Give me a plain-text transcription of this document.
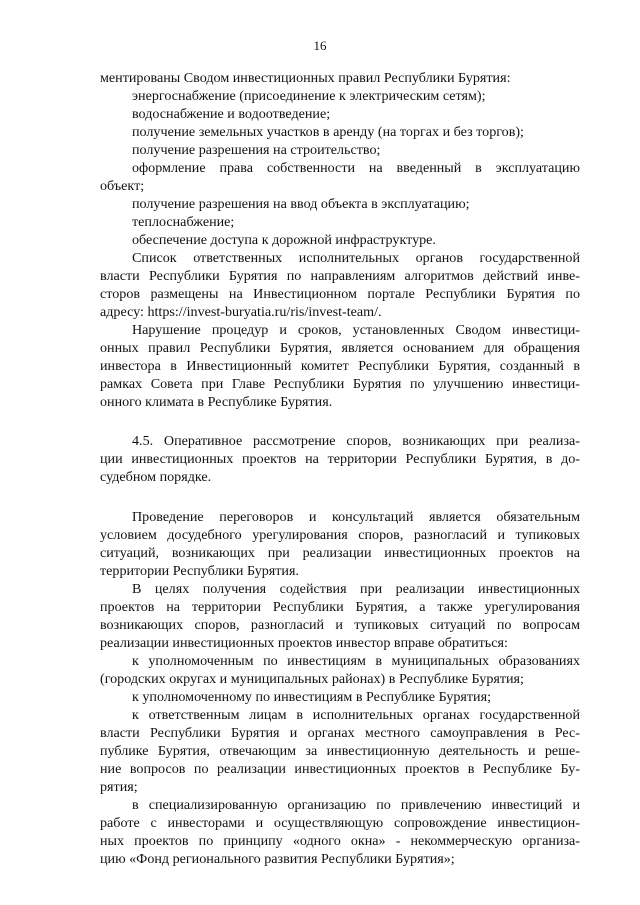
16
ментированы Сводом инвестиционных правил Республики Бурятия:
энергоснабжение (присоединение к электрическим сетям);
водоснабжение и водоотведение;
получение земельных участков в аренду (на торгах и без торгов);
получение разрешения на строительство;
оформление права собственности на введенный в эксплуатацию
объект;
получение разрешения на ввод объекта в эксплуатацию;
теплоснабжение;
обеспечение доступа к дорожной инфраструктуре.
Список ответственных исполнительных органов государственной
власти Республики Бурятия по направлениям алгоритмов действий инве-
сторов размещены на Инвестиционном портале Республики Бурятия по
адресу: https://invest-buryatia.ru/ris/invest-team/.
Нарушение процедур и сроков, установленных Сводом инвестици-
онных правил Республики Бурятия, является основанием для обращения
инвестора в Инвестиционный комитет Республики Бурятия, созданный в
рамках Совета при Главе Республики Бурятия по улучшению инвестици-
онного климата в Республике Бурятия.
4.5. Оперативное рассмотрение споров, возникающих при реализа-
ции инвестиционных проектов на территории Республики Бурятия, в до-
судебном порядке.
Проведение переговоров и консультаций является обязательным
условием досудебного урегулирования споров, разногласий и тупиковых
ситуаций, возникающих при реализации инвестиционных проектов на
территории Республики Бурятия.
В целях получения содействия при реализации инвестиционных
проектов на территории Республики Бурятия, а также урегулирования
возникающих споров, разногласий и тупиковых ситуаций по вопросам
реализации инвестиционных проектов инвестор вправе обратиться:
к уполномоченным по инвестициям в муниципальных образованиях
(городских округах и муниципальных районах) в Республике Бурятия;
к уполномоченному по инвестициям в Республике Бурятия;
к ответственным лицам в исполнительных органах государственной
власти Республики Бурятия и органах местного самоуправления в Рес-
публике Бурятия, отвечающим за инвестиционную деятельность и реше-
ние вопросов по реализации инвестиционных проектов в Республике Бу-
рятия;
в специализированную организацию по привлечению инвестиций и
работе с инвесторами и осуществляющую сопровождение инвестицион-
ных проектов по принципу «одного окна» - некоммерческую организа-
цию «Фонд регионального развития Республики Бурятия»;
